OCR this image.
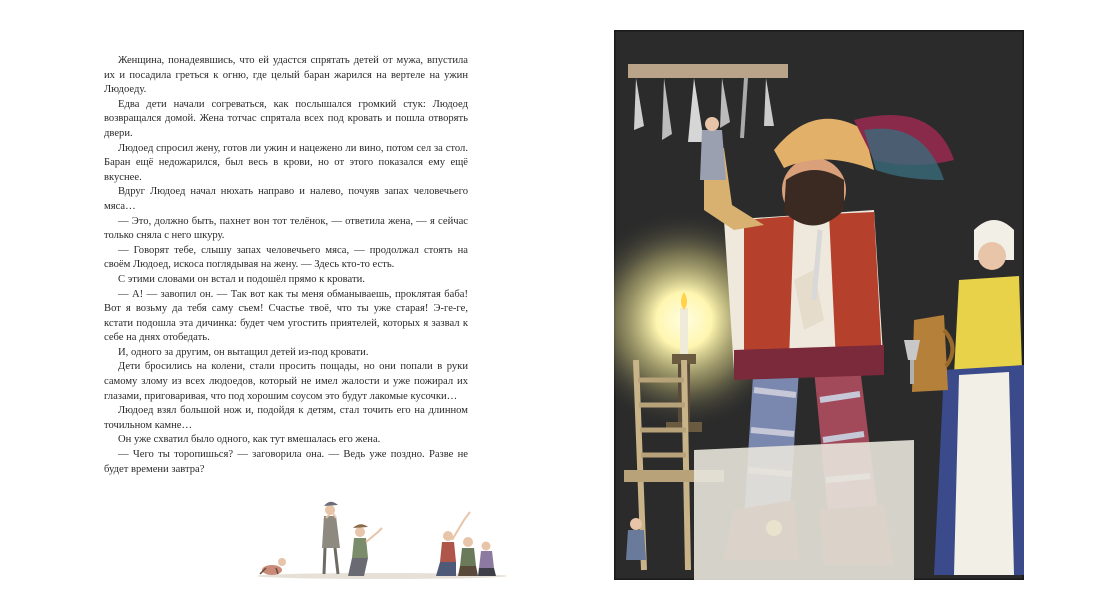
Женщина, понадеявшись, что ей удастся спрятать детей от мужа, впустила их и посадила греться к огню, где целый баран жарился на вертеле на ужин Людоеду.

Едва дети начали согреваться, как послышался громкий стук: Людоед возвращался домой. Жена тотчас спрятала всех под кровать и пошла отворять двери.

Людоед спросил жену, готов ли ужин и нацежено ли вино, потом сел за стол. Баран ещё недожарился, был весь в крови, но от этого показался ему ещё вкуснее.

Вдруг Людоед начал нюхать направо и налево, почуяв запах человечьего мяса…

— Это, должно быть, пахнет вон тот телёнок, — ответила жена, — я сейчас только сняла с него шкуру.

— Говорят тебе, слышу запах человечьего мяса, — продолжал стоять на своём Людоед, искоса поглядывая на жену. — Здесь кто-то есть.

С этими словами он встал и подошёл прямо к кровати.

— А! — завопил он. — Так вот как ты меня обманываешь, проклятая баба! Вот я возьму да тебя саму съем! Счастье твоё, что ты уже старая! Э-ге-ге, кстати подошла эта дичинка: будет чем угостить приятелей, которых я зазвал к себе на днях отобедать.

И, одного за другим, он вытащил детей из-под кровати.

Дети бросились на колени, стали просить пощады, но они попали в руки самому злому из всех людоедов, который не имел жалости и уже пожирал их глазами, приговаривая, что под хорошим соусом это будут лакомые кусочки…

Людоед взял большой нож и, подойдя к детям, стал точить его на длинном точильном камне…

Он уже схватил было одного, как тут вмешалась его жена.

— Чего ты торопишься? — заговорила она. — Ведь уже поздно. Разве не будет времени завтра?
